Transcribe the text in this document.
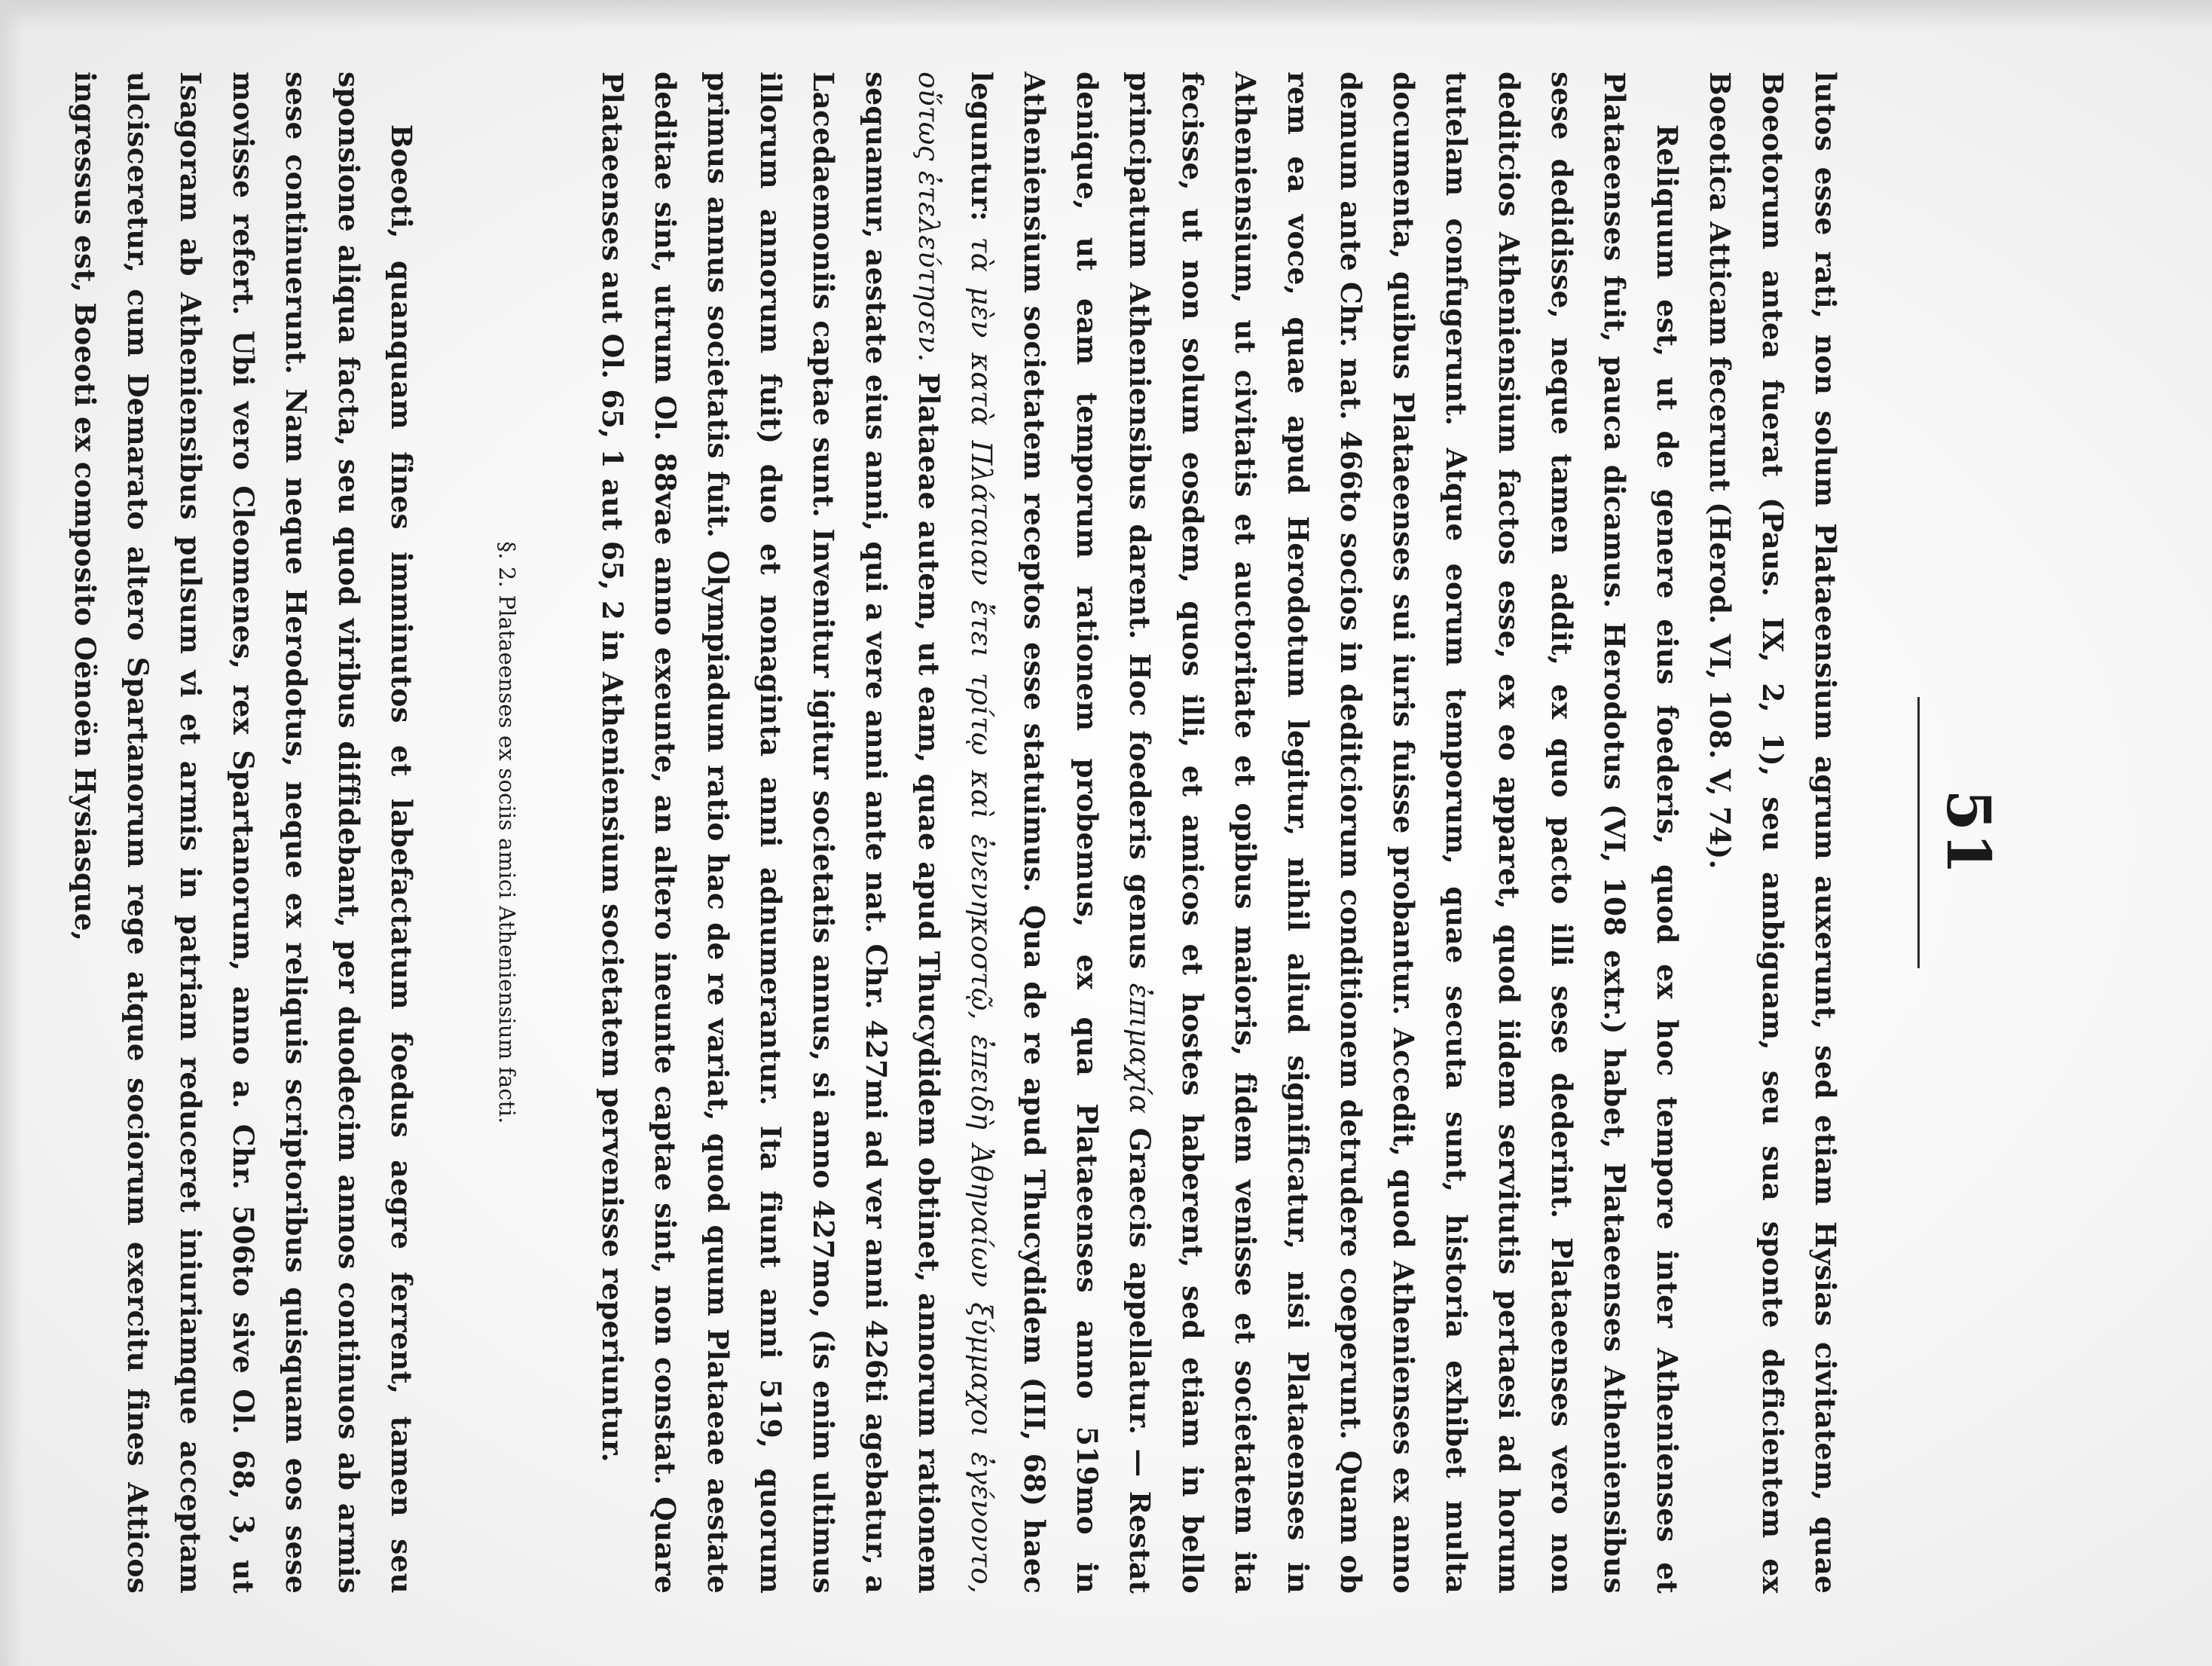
51

lutos esse rati, non solum Plataeensium agrum auxerunt, sed etiam Hysias civitatem, quae Boeotorum antea fuerat (Paus. IX, 2, 1), seu ambiguam, seu sua sponte deficientem ex Boeotica Atticam fecerunt (Herod. VI, 108. V, 74).

Reliquum est, ut de genere eius foederis, quod ex hoc tempore inter Athenienses et Plataeenses fuit, pauca dicamus. Herodotus (VI, 108 extr.) habet, Plataeenses Atheniensibus sese dedidisse, neque tamen addit, ex quo pacto illi sese dederint. Plataeenses vero non deditcios Atheniensium factos esse, ex eo apparet, quod iidem servitutis pertaesi ad horum tutelam confugerunt. Atque eorum temporum, quae secuta sunt, historia exhibet multa documenta, quibus Plataeenses sui iuris fuisse probantur. Accedit, quod Athenienses ex anno demum ante Chr. nat. 466to socios in deditciorum conditionem detrudere coeperunt. Quam ob rem ea voce, quae apud Herodotum legitur, nihil aliud significatur, nisi Plataeenses in Atheniensium, ut civitatis et auctoritate et opibus maioris, fidem venisse et societatem ita fecisse, ut non solum eosdem, quos illi, et amicos et hostes haberent, sed etiam in bello principatum Atheniensibus darent. Hoc foederis genus ἐπιμαχία Graecis appellatur. — Restat denique, ut eam temporum rationem probemus, ex qua Plataeenses anno 519mo in Atheniensium societatem receptos esse statuimus. Qua de re apud Thucydidem (III, 68) haec leguntur: τὰ μὲν κατὰ Πλάταιαν ἔτει τρίτῳ καὶ ἐνενηκοστῷ, ἐπειδὴ Ἀθηναίων ξύμμαχοι ἐγένοντο, οὕτως ἐτελεύτησεν. Plataeae autem, ut eam, quae apud Thucydidem obtinet, annorum rationem sequamur, aestate eius anni, qui a vere anni ante nat. Chr. 427mi ad ver anni 426ti agebatur, a Lacedaemoniis captae sunt. Invenitur igitur societatis annus, si anno 427mo, (is enim ultimus illorum annorum fuit) duo et nonaginta anni adnumerantur. Ita fiunt anni 519, quorum primus annus societatis fuit. Olympiadum ratio hac de re variat, quod quum Plataeae aestate deditae sint, utrum Ol. 88vae anno exeunte, an altero ineunte captae sint, non constat. Quare Plataeenses aut Ol. 65, 1 aut 65, 2 in Atheniensium societatem pervenisse reperiuntur.

§. 2. Plataeenses ex sociis amici Atheniensium facti.

Boeoti, quanquam fines imminutos et labefactatum foedus aegre ferrent, tamen seu sponsione aliqua facta, seu quod viribus diffidebant, per duodecim annos continuos ab armis sese continuerunt. Nam neque Herodotus, neque ex reliquis scriptoribus quisquam eos sese movisse refert. Ubi vero Cleomenes, rex Spartanorum, anno a. Chr. 506to sive Ol. 68, 3, ut Isagoram ab Atheniensibus pulsum vi et armis in patriam reduceret iniuriamque acceptam ulcisceretur, cum Demarato altero Spartanorum rege atque sociorum exercitu fines Atticos ingressus est, Boeoti ex composito Oënoën Hysiasque,
